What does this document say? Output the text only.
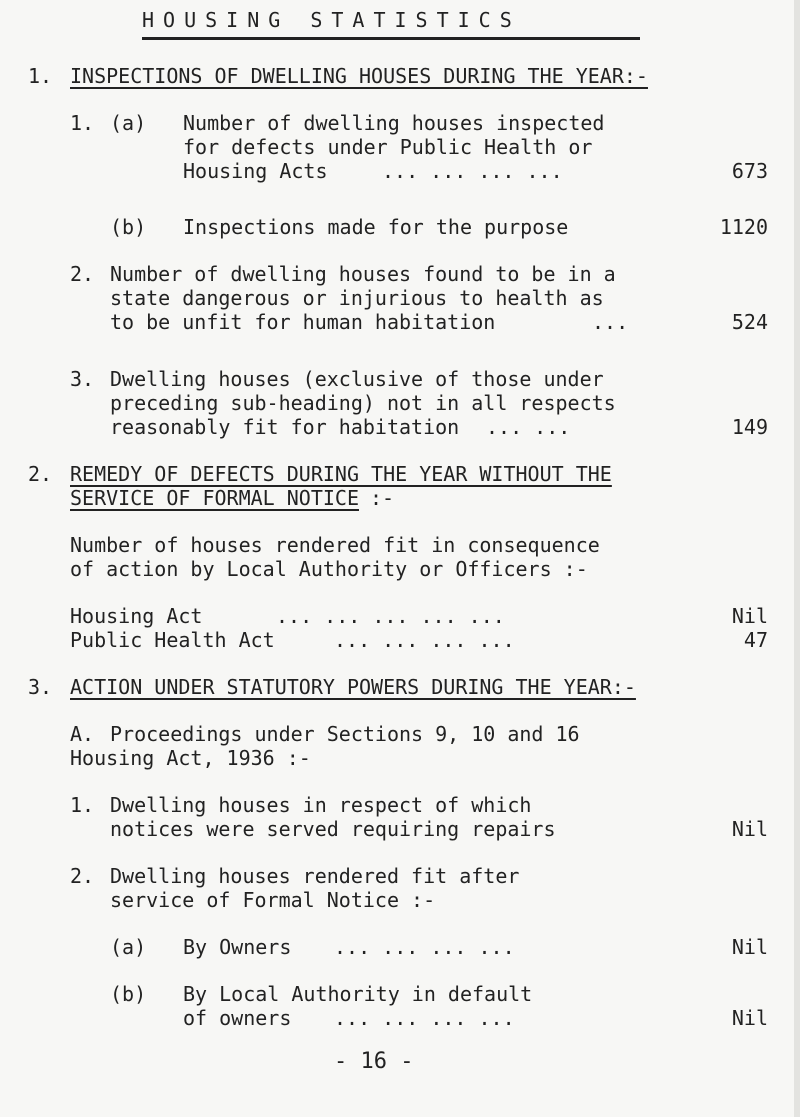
HOUSING STATISTICS
1. INSPECTIONS OF DWELLING HOUSES DURING THE YEAR:-
1. (a) Number of dwelling houses inspected
for defects under Public Health or
Housing Acts	... ... ... ...	673
(b) Inspections made for the purpose	1120
2. Number of dwelling houses found to be in a
state dangerous or injurious to health as
to be unfit for human habitation	...	524
3. Dwelling houses (exclusive of those under
preceding sub-heading) not in all respects
reasonably fit for habitation ... ...	149
2. REMEDY OF DEFECTS DURING THE YEAR WITHOUT THE
SERVICE OF FORMAL NOTICE :-
Number of houses rendered fit in consequence
of action by Local Authority or Officers :-
Housing Act	... ... ... ... ...	Nil
Public Health Act	... ... ... ...	47
3. ACTION UNDER STATUTORY POWERS DURING THE YEAR:-
A. Proceedings under Sections 9, 10 and 16
Housing Act, 1936 :-
1. Dwelling houses in respect of which
notices were served requiring repairs	Nil
2. Dwelling houses rendered fit after
service of Formal Notice :-
(a) By Owners ... ... ... ...	Nil
(b) By Local Authority in default
of owners ... ... ... ...	Nil
- 16 -
